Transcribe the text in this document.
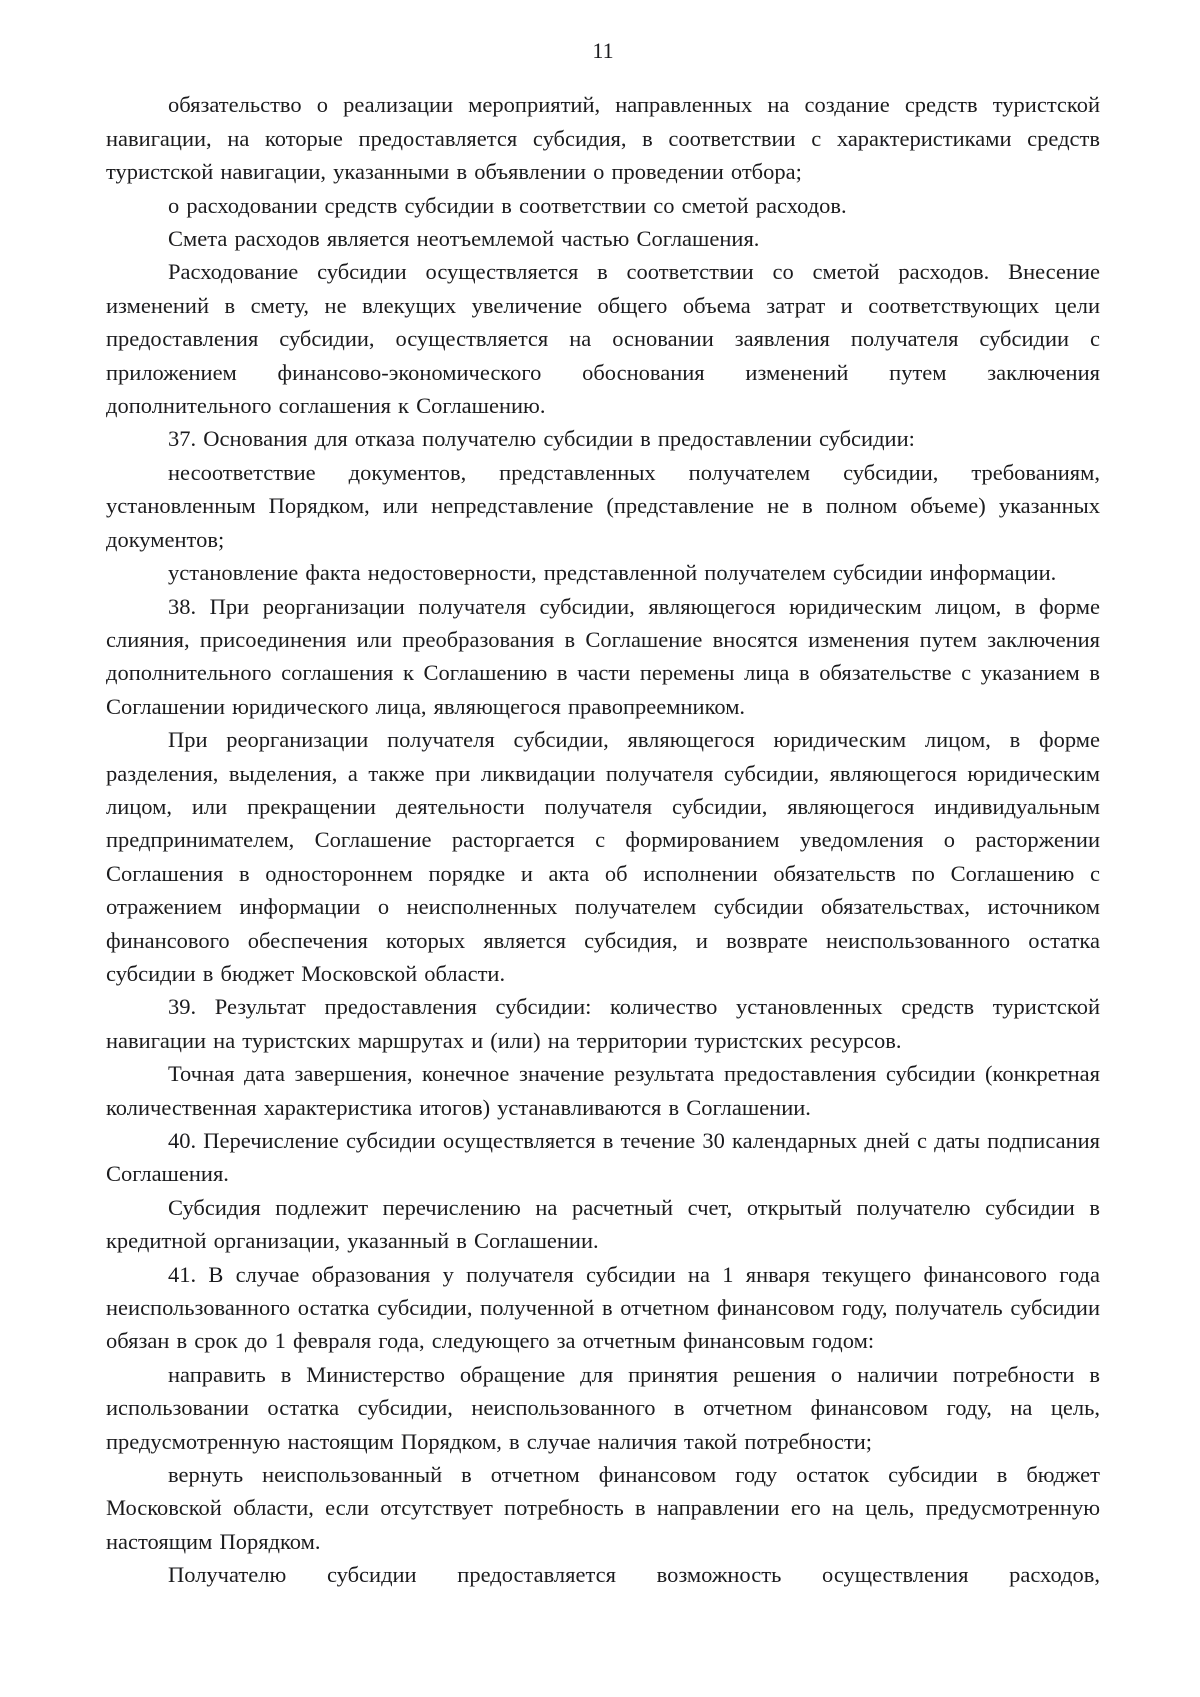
11

обязательство о реализации мероприятий, направленных на создание средств туристской навигации, на которые предоставляется субсидия, в соответствии с характеристиками средств туристской навигации, указанными в объявлении о проведении отбора;

о расходовании средств субсидии в соответствии со сметой расходов.

Смета расходов является неотъемлемой частью Соглашения.

Расходование субсидии осуществляется в соответствии со сметой расходов. Внесение изменений в смету, не влекущих увеличение общего объема затрат и соответствующих цели предоставления субсидии, осуществляется на основании заявления получателя субсидии с приложением финансово-экономического обоснования изменений путем заключения дополнительного соглашения к Соглашению.

37. Основания для отказа получателю субсидии в предоставлении субсидии:

несоответствие документов, представленных получателем субсидии, требованиям, установленным Порядком, или непредставление (представление не в полном объеме) указанных документов;

установление факта недостоверности, представленной получателем субсидии информации.

38. При реорганизации получателя субсидии, являющегося юридическим лицом, в форме слияния, присоединения или преобразования в Соглашение вносятся изменения путем заключения дополнительного соглашения к Соглашению в части перемены лица в обязательстве с указанием в Соглашении юридического лица, являющегося правопреемником.

При реорганизации получателя субсидии, являющегося юридическим лицом, в форме разделения, выделения, а также при ликвидации получателя субсидии, являющегося юридическим лицом, или прекращении деятельности получателя субсидии, являющегося индивидуальным предпринимателем, Соглашение расторгается с формированием уведомления о расторжении Соглашения в одностороннем порядке и акта об исполнении обязательств по Соглашению с отражением информации о неисполненных получателем субсидии обязательствах, источником финансового обеспечения которых является субсидия, и возврате неиспользованного остатка субсидии в бюджет Московской области.

39. Результат предоставления субсидии: количество установленных средств туристской навигации на туристских маршрутах и (или) на территории туристских ресурсов.

Точная дата завершения, конечное значение результата предоставления субсидии (конкретная количественная характеристика итогов) устанавливаются в Соглашении.

40. Перечисление субсидии осуществляется в течение 30 календарных дней с даты подписания Соглашения.

Субсидия подлежит перечислению на расчетный счет, открытый получателю субсидии в кредитной организации, указанный в Соглашении.

41. В случае образования у получателя субсидии на 1 января текущего финансового года неиспользованного остатка субсидии, полученной в отчетном финансовом году, получатель субсидии обязан в срок до 1 февраля года, следующего за отчетным финансовым годом:

направить в Министерство обращение для принятия решения о наличии потребности в использовании остатка субсидии, неиспользованного в отчетном финансовом году, на цель, предусмотренную настоящим Порядком, в случае наличия такой потребности;

вернуть неиспользованный в отчетном финансовом году остаток субсидии в бюджет Московской области, если отсутствует потребность в направлении его на цель, предусмотренную настоящим Порядком.

Получателю субсидии предоставляется возможность осуществления расходов,
